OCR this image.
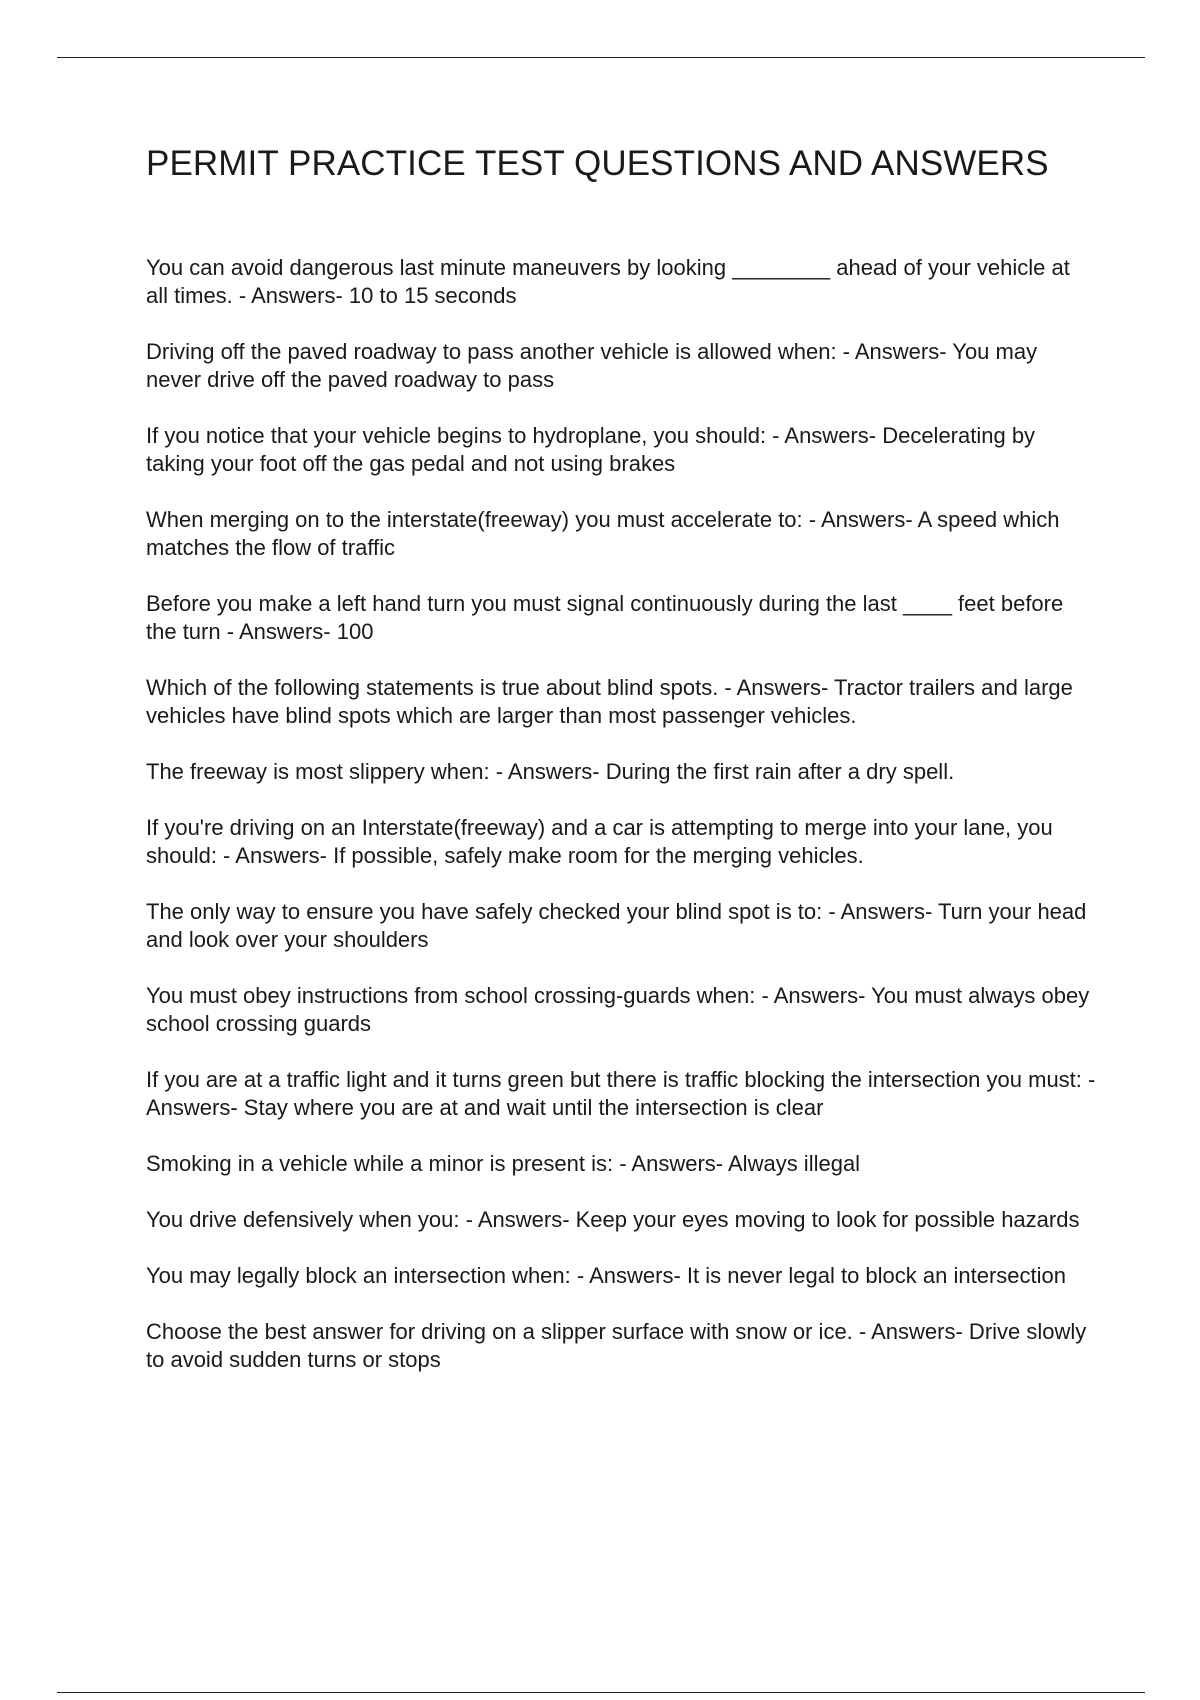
PERMIT PRACTICE TEST QUESTIONS AND ANSWERS
You can avoid dangerous last minute maneuvers by looking ________ ahead of your vehicle at all times. - Answers- 10 to 15 seconds
Driving off the paved roadway to pass another vehicle is allowed when: - Answers- You may never drive off the paved roadway to pass
If you notice that your vehicle begins to hydroplane, you should: - Answers- Decelerating by taking your foot off the gas pedal and not using brakes
When merging on to the interstate(freeway) you must accelerate to: - Answers- A speed which matches the flow of traffic
Before you make a left hand turn you must signal continuously during the last ____ feet before the turn - Answers- 100
Which of the following statements is true about blind spots. - Answers- Tractor trailers and large vehicles have blind spots which are larger than most passenger vehicles.
The freeway is most slippery when: - Answers- During the first rain after a dry spell.
If you're driving on an Interstate(freeway) and a car is attempting to merge into your lane, you should: - Answers- If possible, safely make room for the merging vehicles.
The only way to ensure you have safely checked your blind spot is to: - Answers- Turn your head and look over your shoulders
You must obey instructions from school crossing-guards when: - Answers- You must always obey school crossing guards
If you are at a traffic light and it turns green but there is traffic blocking the intersection you must: - Answers- Stay where you are at and wait until the intersection is clear
Smoking in a vehicle while a minor is present is: - Answers- Always illegal
You drive defensively when you: - Answers- Keep your eyes moving to look for possible hazards
You may legally block an intersection when: - Answers- It is never legal to block an intersection
Choose the best answer for driving on a slipper surface with snow or ice. - Answers- Drive slowly to avoid sudden turns or stops
